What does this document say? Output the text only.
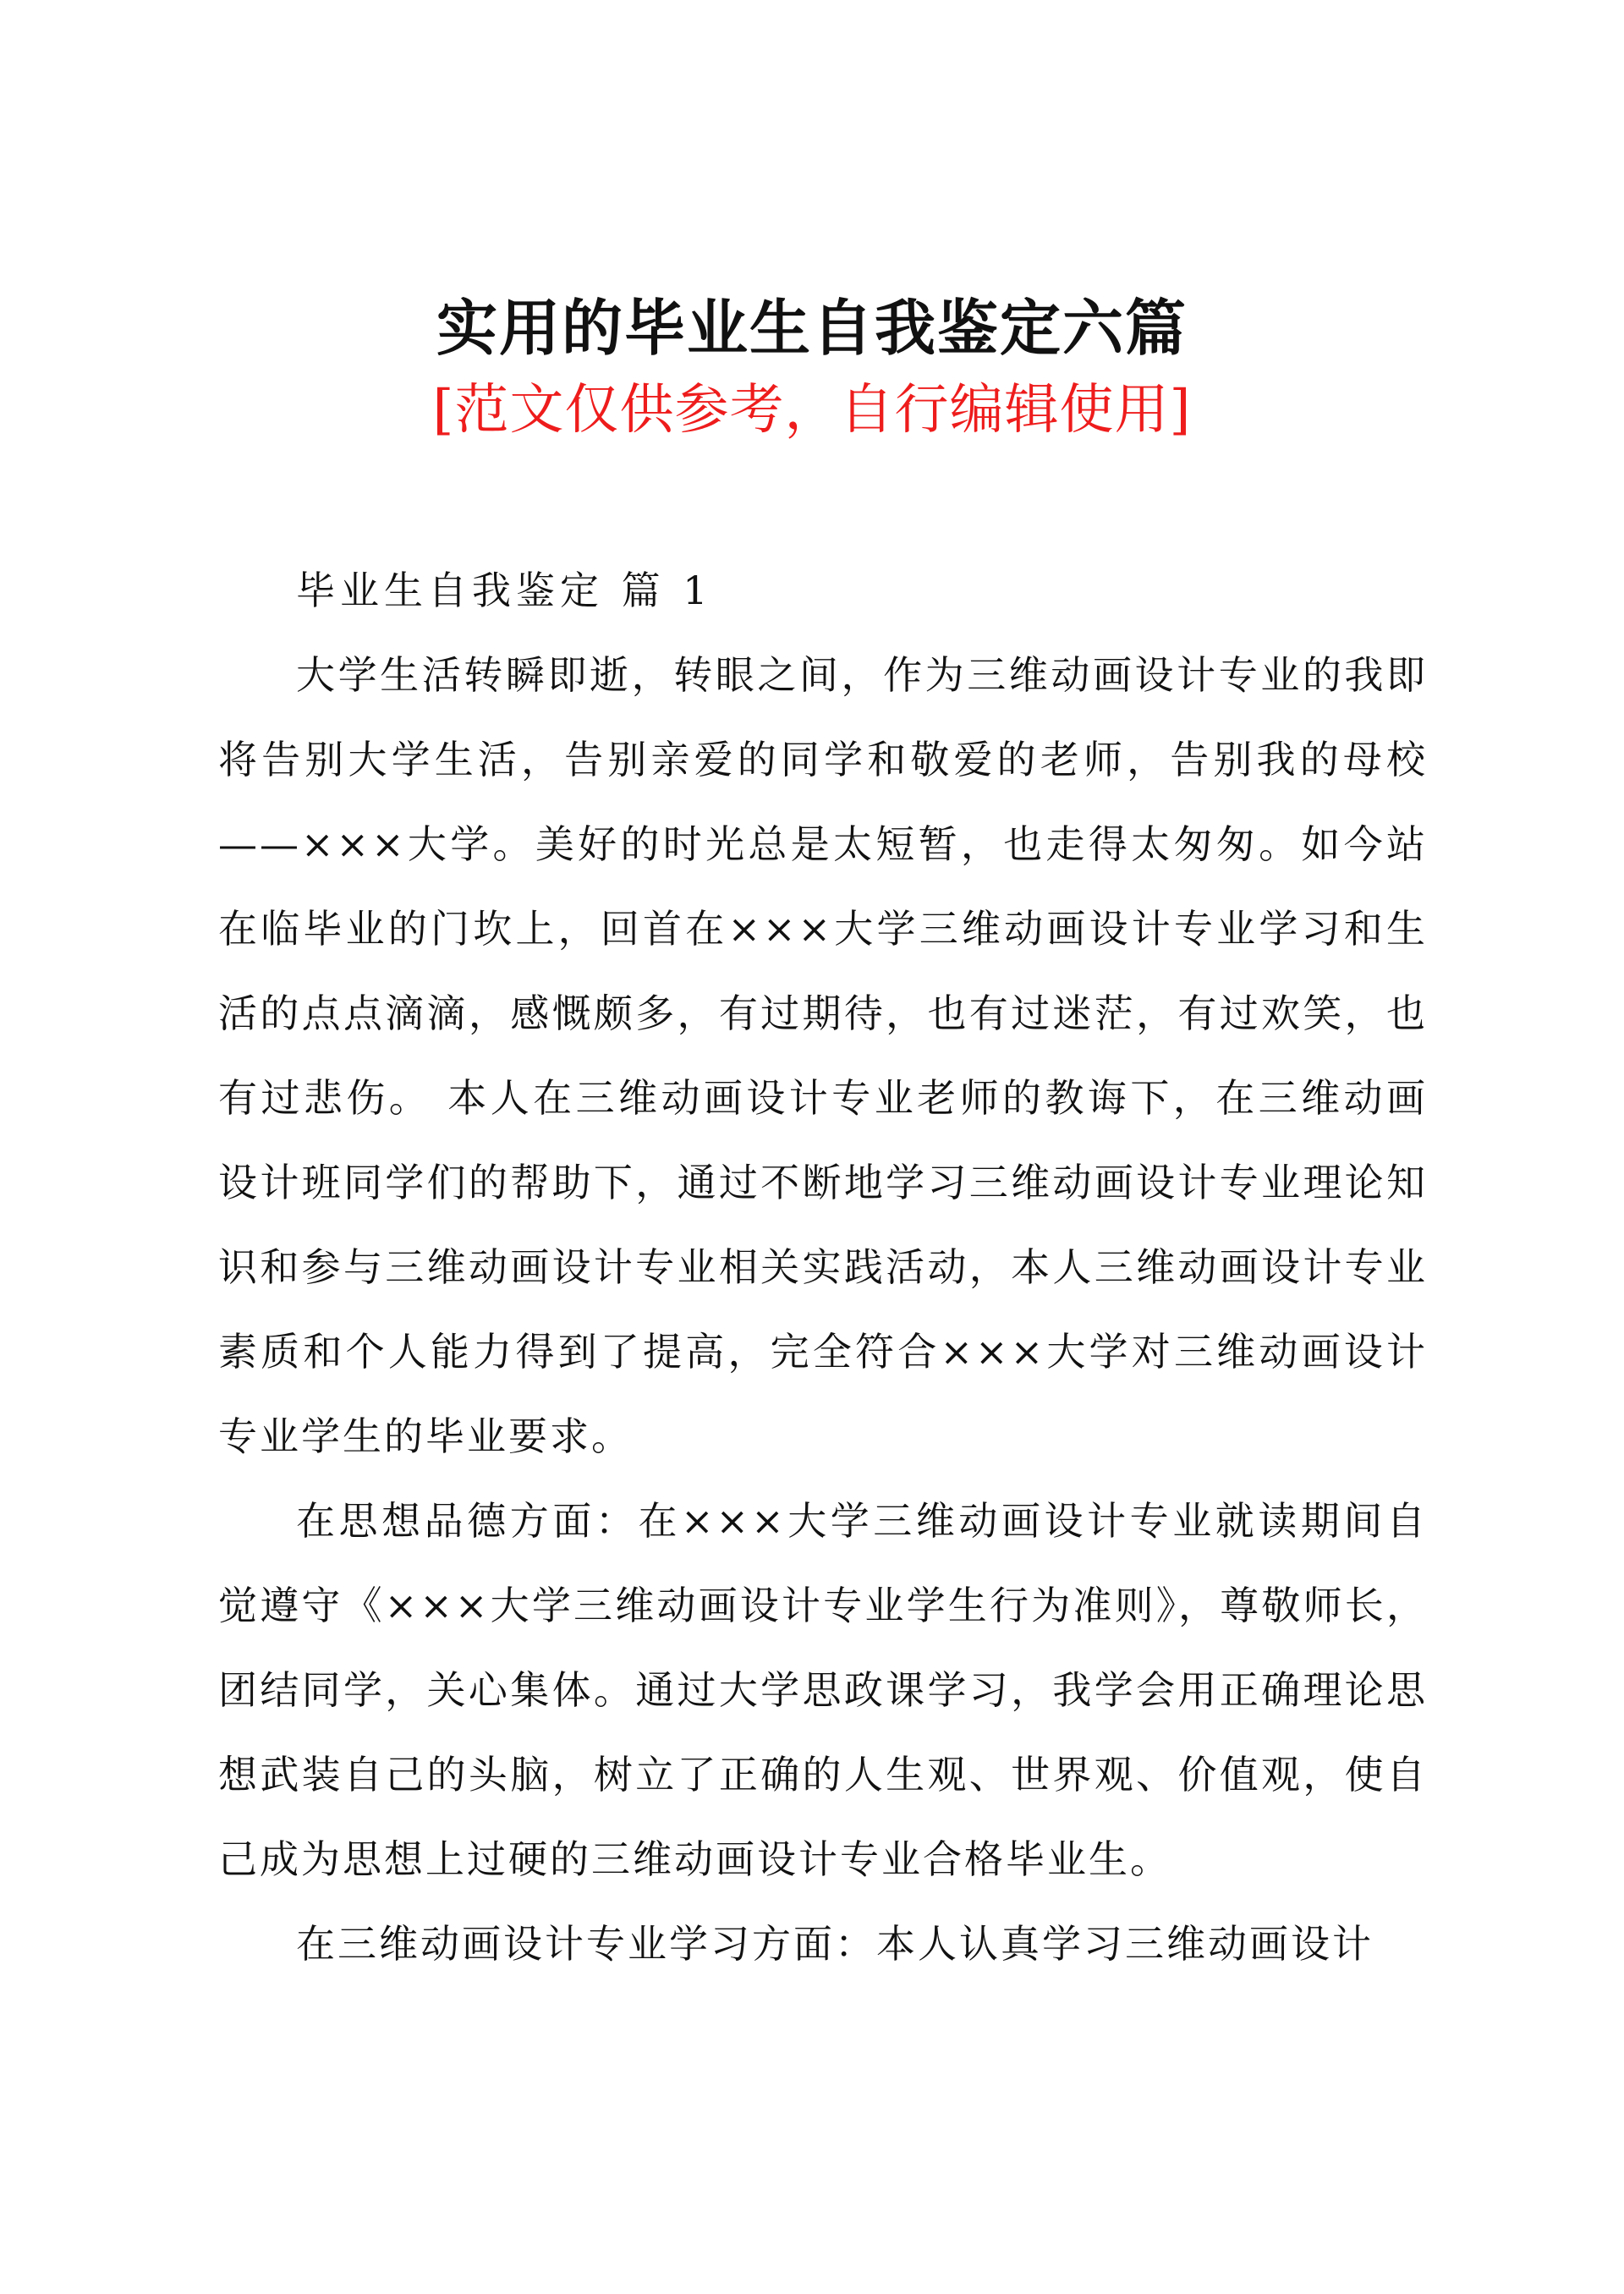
实用的毕业生自我鉴定六篇
[范文仅供参考，自行编辑使用]

毕业生自我鉴定 篇 1

大学生活转瞬即逝，转眼之间，作为三维动画设计专业的我即将告别大学生活，告别亲爱的同学和敬爱的老师，告别我的母校——×××大学。美好的时光总是太短暂，也走得太匆匆。如今站在临毕业的门坎上，回首在×××大学三维动画设计专业学习和生活的点点滴滴，感慨颇多，有过期待，也有过迷茫，有过欢笑，也有过悲伤。 本人在三维动画设计专业老师的教诲下，在三维动画设计班同学们的帮助下，通过不断地学习三维动画设计专业理论知识和参与三维动画设计专业相关实践活动，本人三维动画设计专业素质和个人能力得到了提高，完全符合×××大学对三维动画设计专业学生的毕业要求。

在思想品德方面：在×××大学三维动画设计专业就读期间自觉遵守《×××大学三维动画设计专业学生行为准则》，尊敬师长，团结同学，关心集体。通过大学思政课学习，我学会用正确理论思想武装自己的头脑，树立了正确的人生观、世界观、价值观，使自己成为思想上过硬的三维动画设计专业合格毕业生。

在三维动画设计专业学习方面：本人认真学习三维动画设计
